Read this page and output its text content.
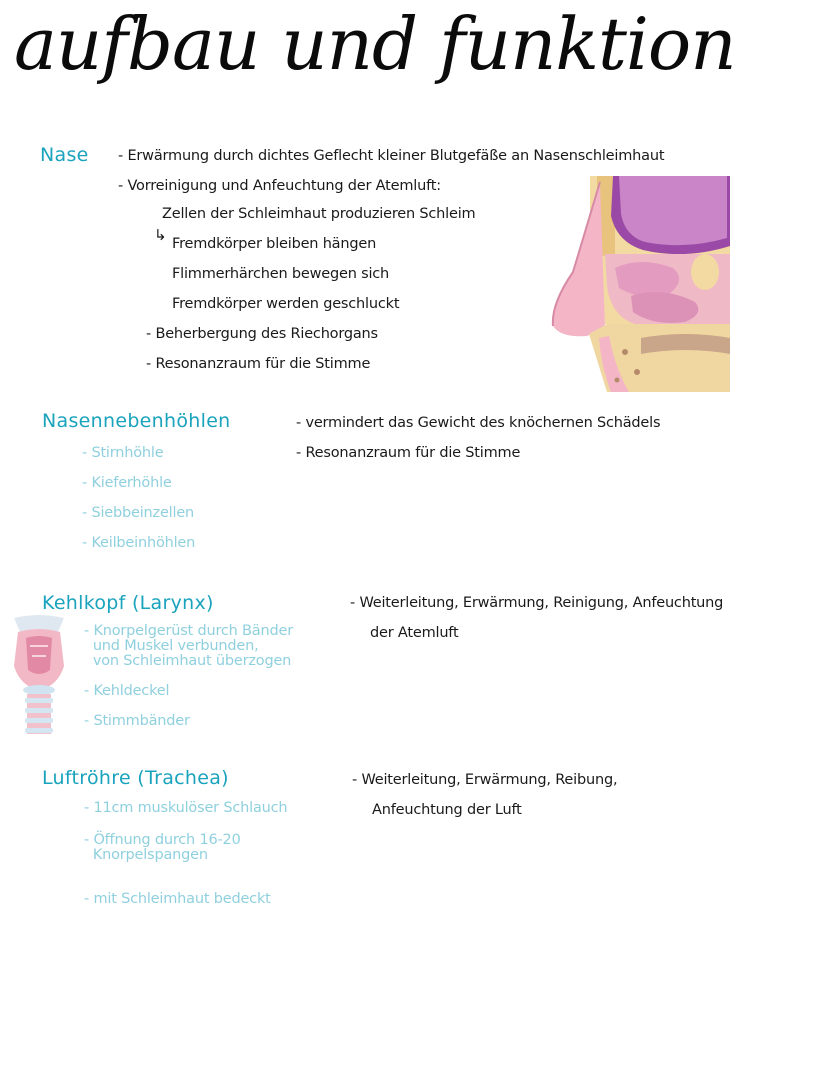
aufbau und funktion
Nase - Erwärmung durch dichtes Geflecht kleiner Blutgefäße an Nasenschleimhaut
- Vorreinigung und Anfeuchtung der Atemluft:
Zellen der Schleimhaut produzieren Schleim
↳ Fremdkörper bleiben hängen
Flimmerhärchen bewegen sich
Fremdkörper werden geschluckt
- Beherbergung des Riechorgans
- Resonanzraum für die Stimme
Nasennebenhöhlen
- Stirnhöhle
- Kieferhöhle
- Siebbeinzellen
- Keilbeinhöhlen
- vermindert das Gewicht des knöchernen Schädels
- Resonanzraum für die Stimme
Kehlkopf (Larynx)
- Knorpelgerüst durch Bänder
und Muskel verbunden,
von Schleimhaut überzogen
- Kehldeckel
- Stimmbänder
- Weiterleitung, Erwärmung, Reinigung, Anfeuchtung
der Atemluft
Luftröhre (Trachea)
- 11cm muskulöser Schlauch
- Öffnung durch 16-20
Knorpelspangen
- mit Schleimhaut bedeckt
- Weiterleitung, Erwärmung, Reibung,
Anfeuchtung der Luft
